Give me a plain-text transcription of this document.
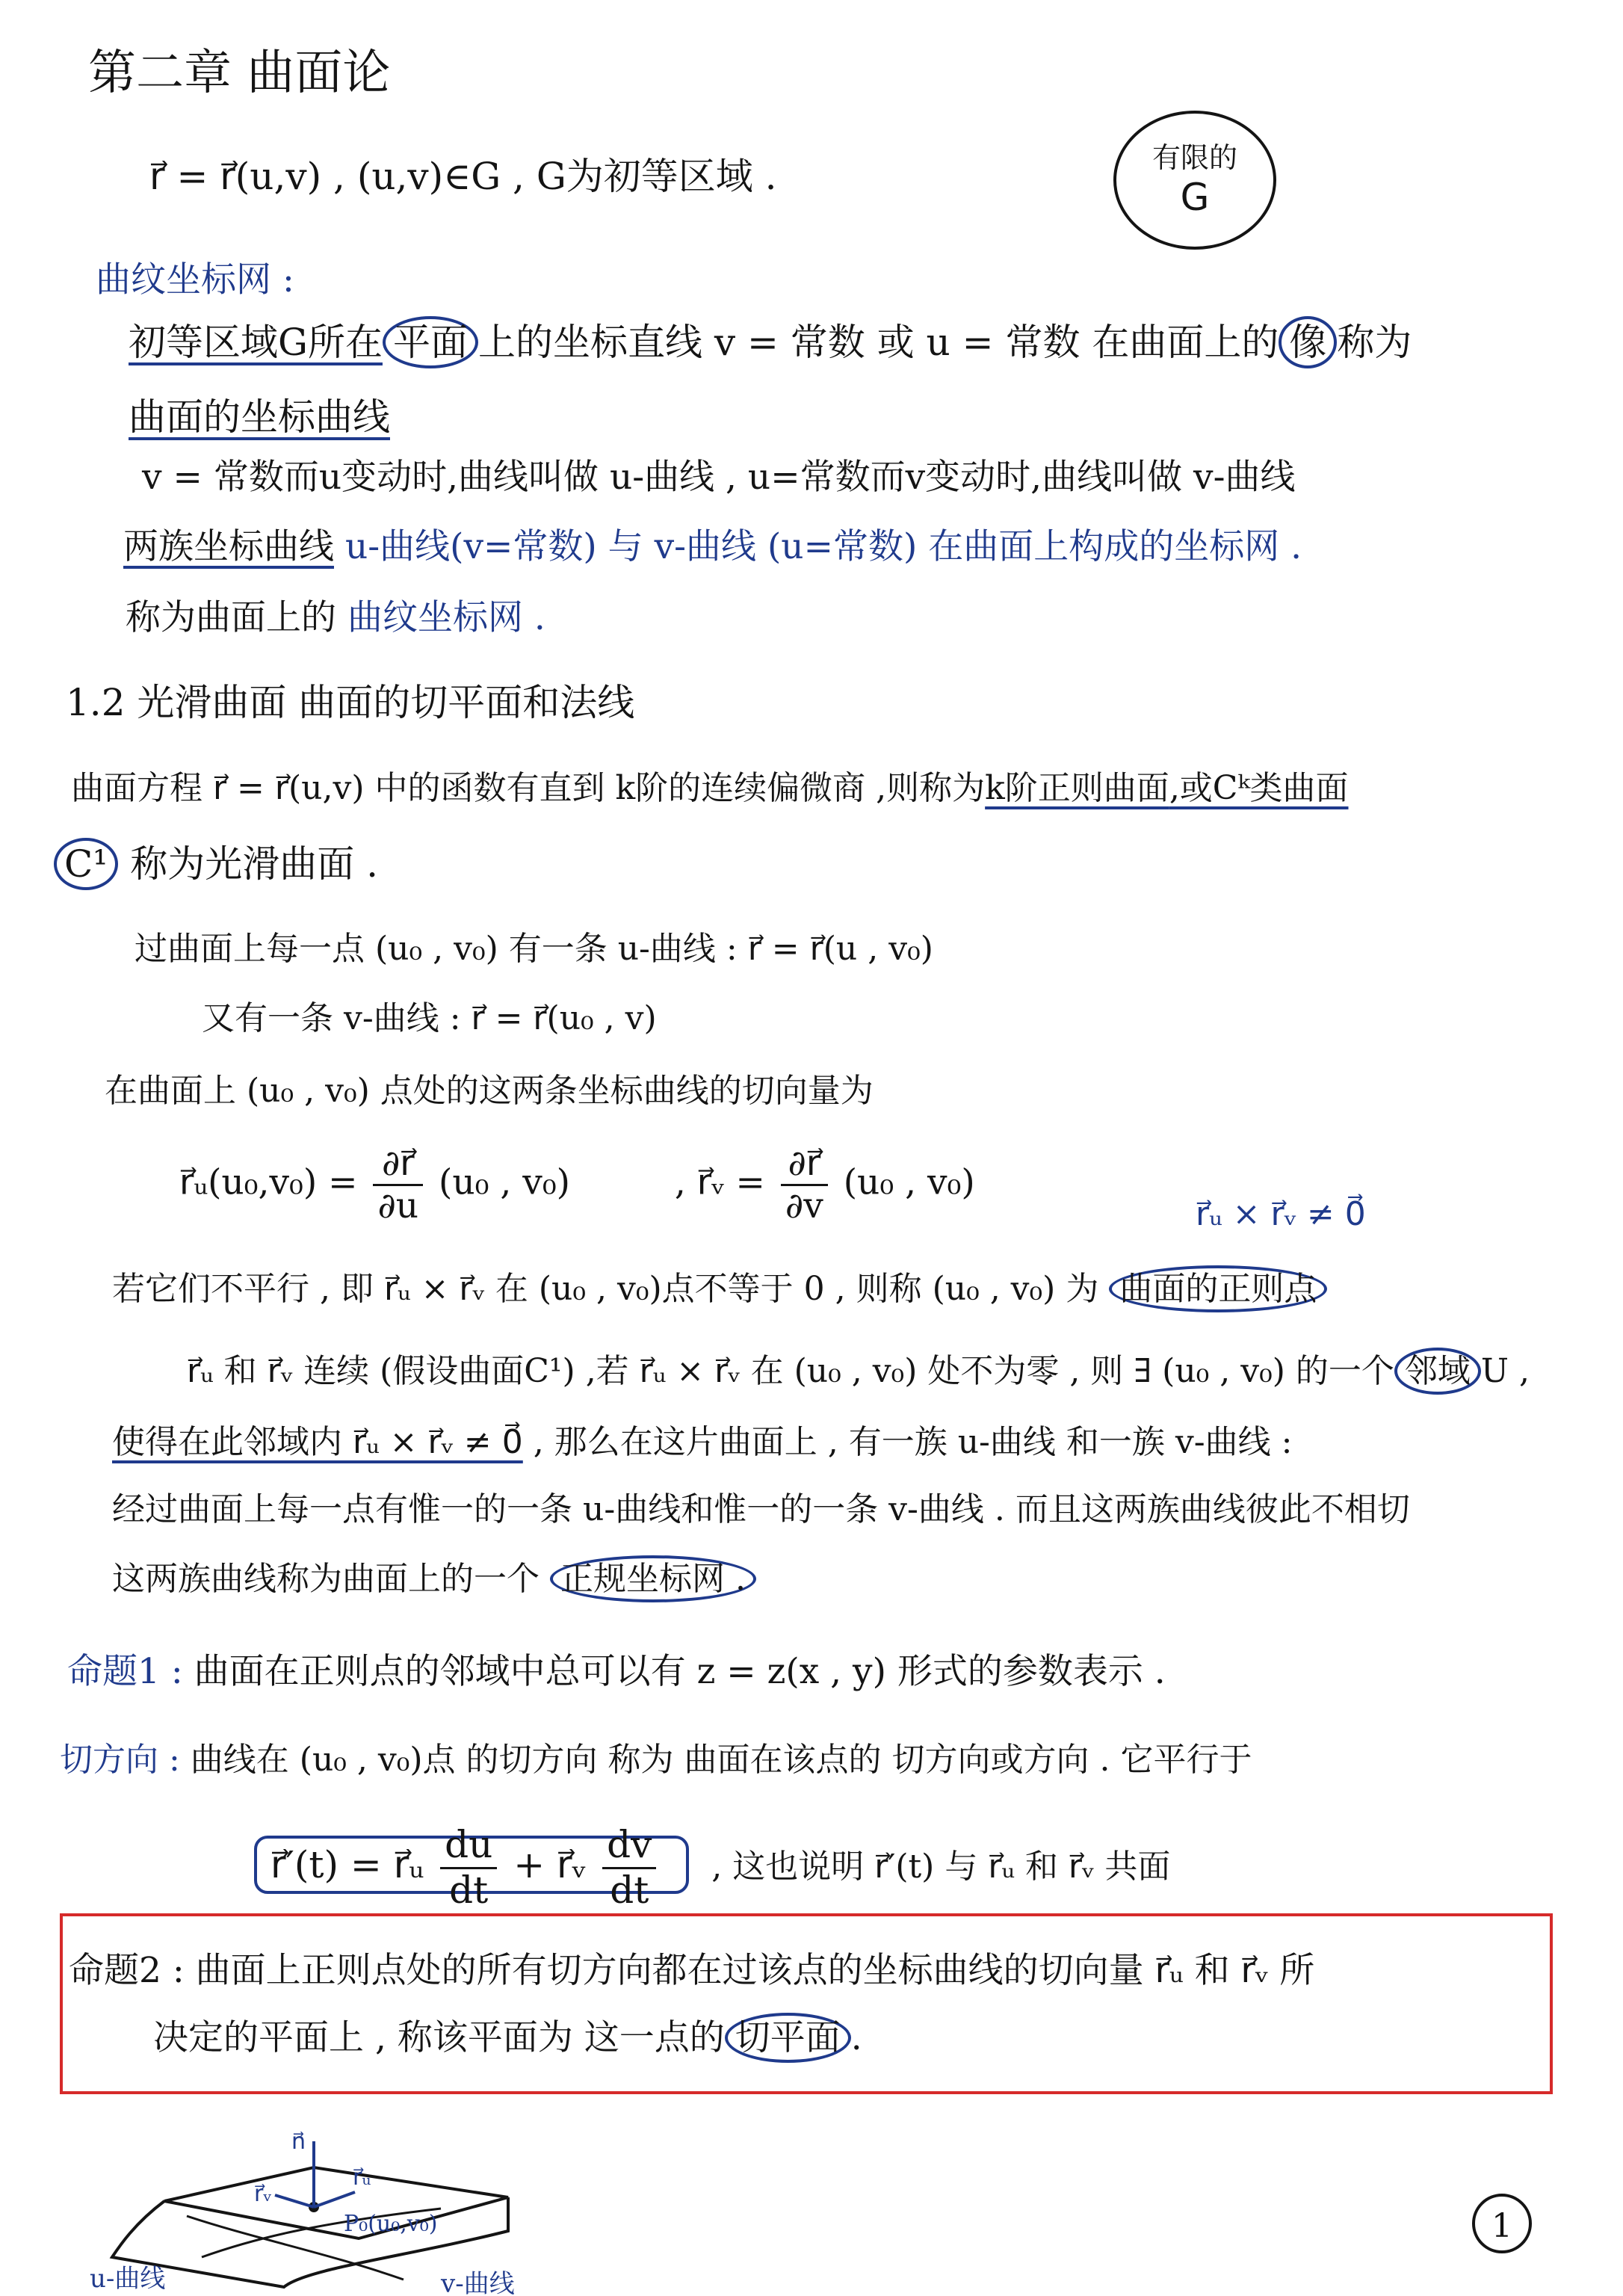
第二章 曲面论
r⃗ = r⃗(u,v) , (u,v)∈G , G为初等区域 .	有限的
G
曲纹坐标网 :
初等区域G所在 平面 上的坐标直线 v = 常数 或 u = 常数 在曲面上的 像 称为
曲面的坐标曲线
v = 常数而u变动时,曲线叫做 u-曲线 , u=常数而v变动时,曲线叫做 v-曲线
两族坐标曲线 u-曲线(v=常数) 与 v-曲线 (u=常数) 在曲面上构成的坐标网 .
称为曲面上的 曲纹坐标网 .
1.2 光滑曲面 曲面的切平面和法线
曲面方程 r⃗ = r⃗(u,v) 中的函数有直到 k阶的连续偏微商 ,则称为k阶正则曲面,或Cᵏ类曲面
C¹ 称为光滑曲面 .
过曲面上每一点 (u₀ , v₀) 有一条 u-曲线 : r⃗ = r⃗(u , v₀)
又有一条 v-曲线 : r⃗ = r⃗(u₀ , v)
在曲面上 (u₀ , v₀) 点处的这两条坐标曲线的切向量为
r⃗ᵤ(u₀,v₀) = $\frac{\partial r⃗}{\partial u} (u_0$ , v₀)	, r⃗ᵥ = $\frac{\partial r⃗}{\partial v} (u_0$ , v₀)
r⃗ᵤ × r⃗ᵥ ≠ 0⃗
若它们不平行 , 即 r⃗ᵤ × r⃗ᵥ 在 (u₀ , v₀)点不等于 0 , 则称 (u₀ , v₀) 为 曲面的正则点
r⃗ᵤ 和 r⃗ᵥ 连续 (假设曲面C¹) ,若 r⃗ᵤ × r⃗ᵥ 在 (u₀ , v₀) 处不为零 , 则 ∃ (u₀ , v₀) 的一个 邻域 U ,
使得在此邻域内 r⃗ᵤ × r⃗ᵥ ≠ 0⃗ , 那么在这片曲面上 , 有一族 u-曲线 和一族 v-曲线 :
经过曲面上每一点有惟一的一条 u-曲线和惟一的一条 v-曲线 . 而且这两族曲线彼此不相切
这两族曲线称为曲面上的一个 正规坐标网 .
命题1 : 曲面在正则点的邻域中总可以有 z = z(x , y) 形式的参数表示 .
切方向 : 曲线在 (u₀ , v₀)点 的切方向 称为 曲面在该点的 切方向或方向 . 它平行于
r⃗′(t) = r⃗ᵤ $\frac{du}{dt}$ + r⃗ᵥ $\frac{dv}{dt}$ , 这也说明 r⃗′(t) 与 r⃗ᵤ 和 r⃗ᵥ 共面
命题2 : 曲面上正则点处的所有切方向都在过该点的坐标曲线的切向量 r⃗ᵤ 和 r⃗ᵥ 所
决定的平面上 , 称该平面为 这一点的 切平面 .
r⃗ᵥ
n⃗
r⃗ᵤ
P₀(u₀,v₀)
u-曲线	v-曲线
1
